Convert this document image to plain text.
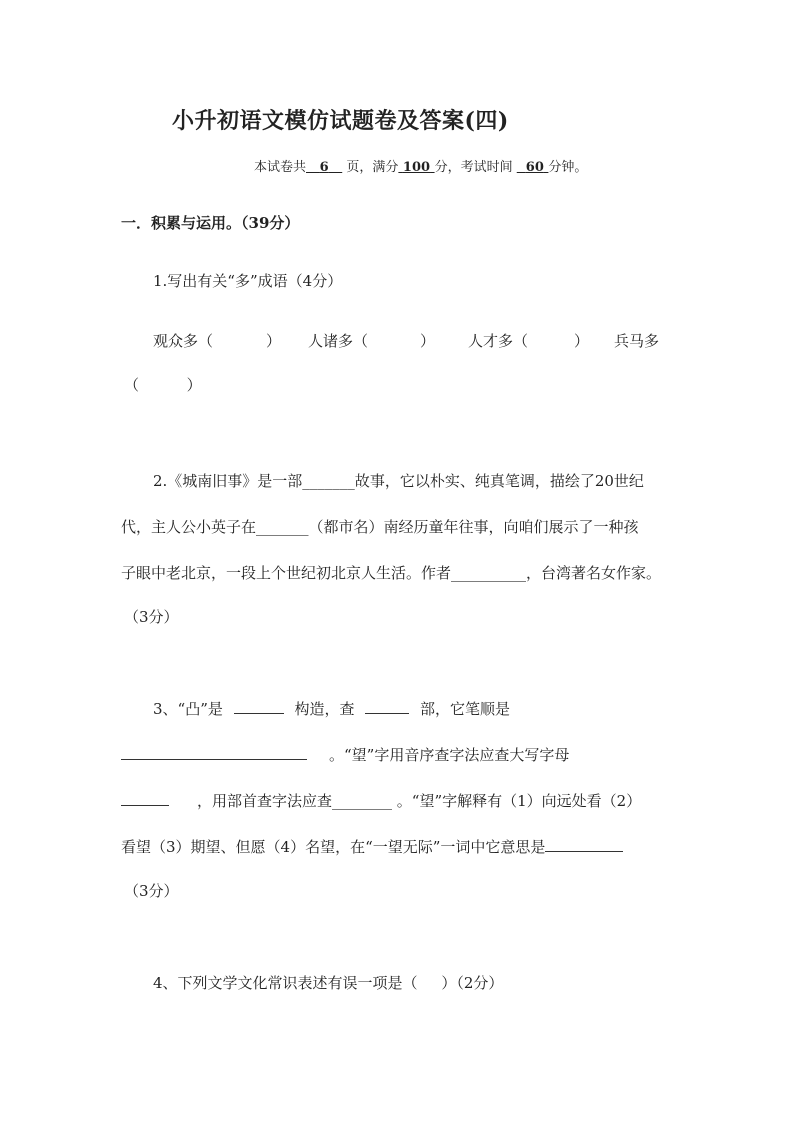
小升初语文模仿试题卷及答案(四)
本试卷共 6 页，满分 100 分，考试时间 60 分钟。
一．积累与运用。（39分）
1.写出有关“多”成语（4分）
观众多（	） 人诸多（	） 人才多（	） 兵马多
（          ）
2.《城南旧事》是一部_______故事，它以朴实、纯真笔调，描绘了20世纪
代，主人公小英子在_______（都市名）南经历童年往事，向咱们展示了一种孩
子眼中老北京，一段上个世纪初北京人生活。作者__________，台湾著名女作家。
（3分）
3、“凸”是	构造，查	部，它笔顺是
。“望”字用音序查字法应查大写字母
，用部首查字法应查________ 。“望”字解释有（1）向远处看（2）
看望（3）期望、但愿（4）名望，在“一望无际”一词中它意思是
（3分）
4、下列文学文化常识表述有误一项是（     ）（2分）
